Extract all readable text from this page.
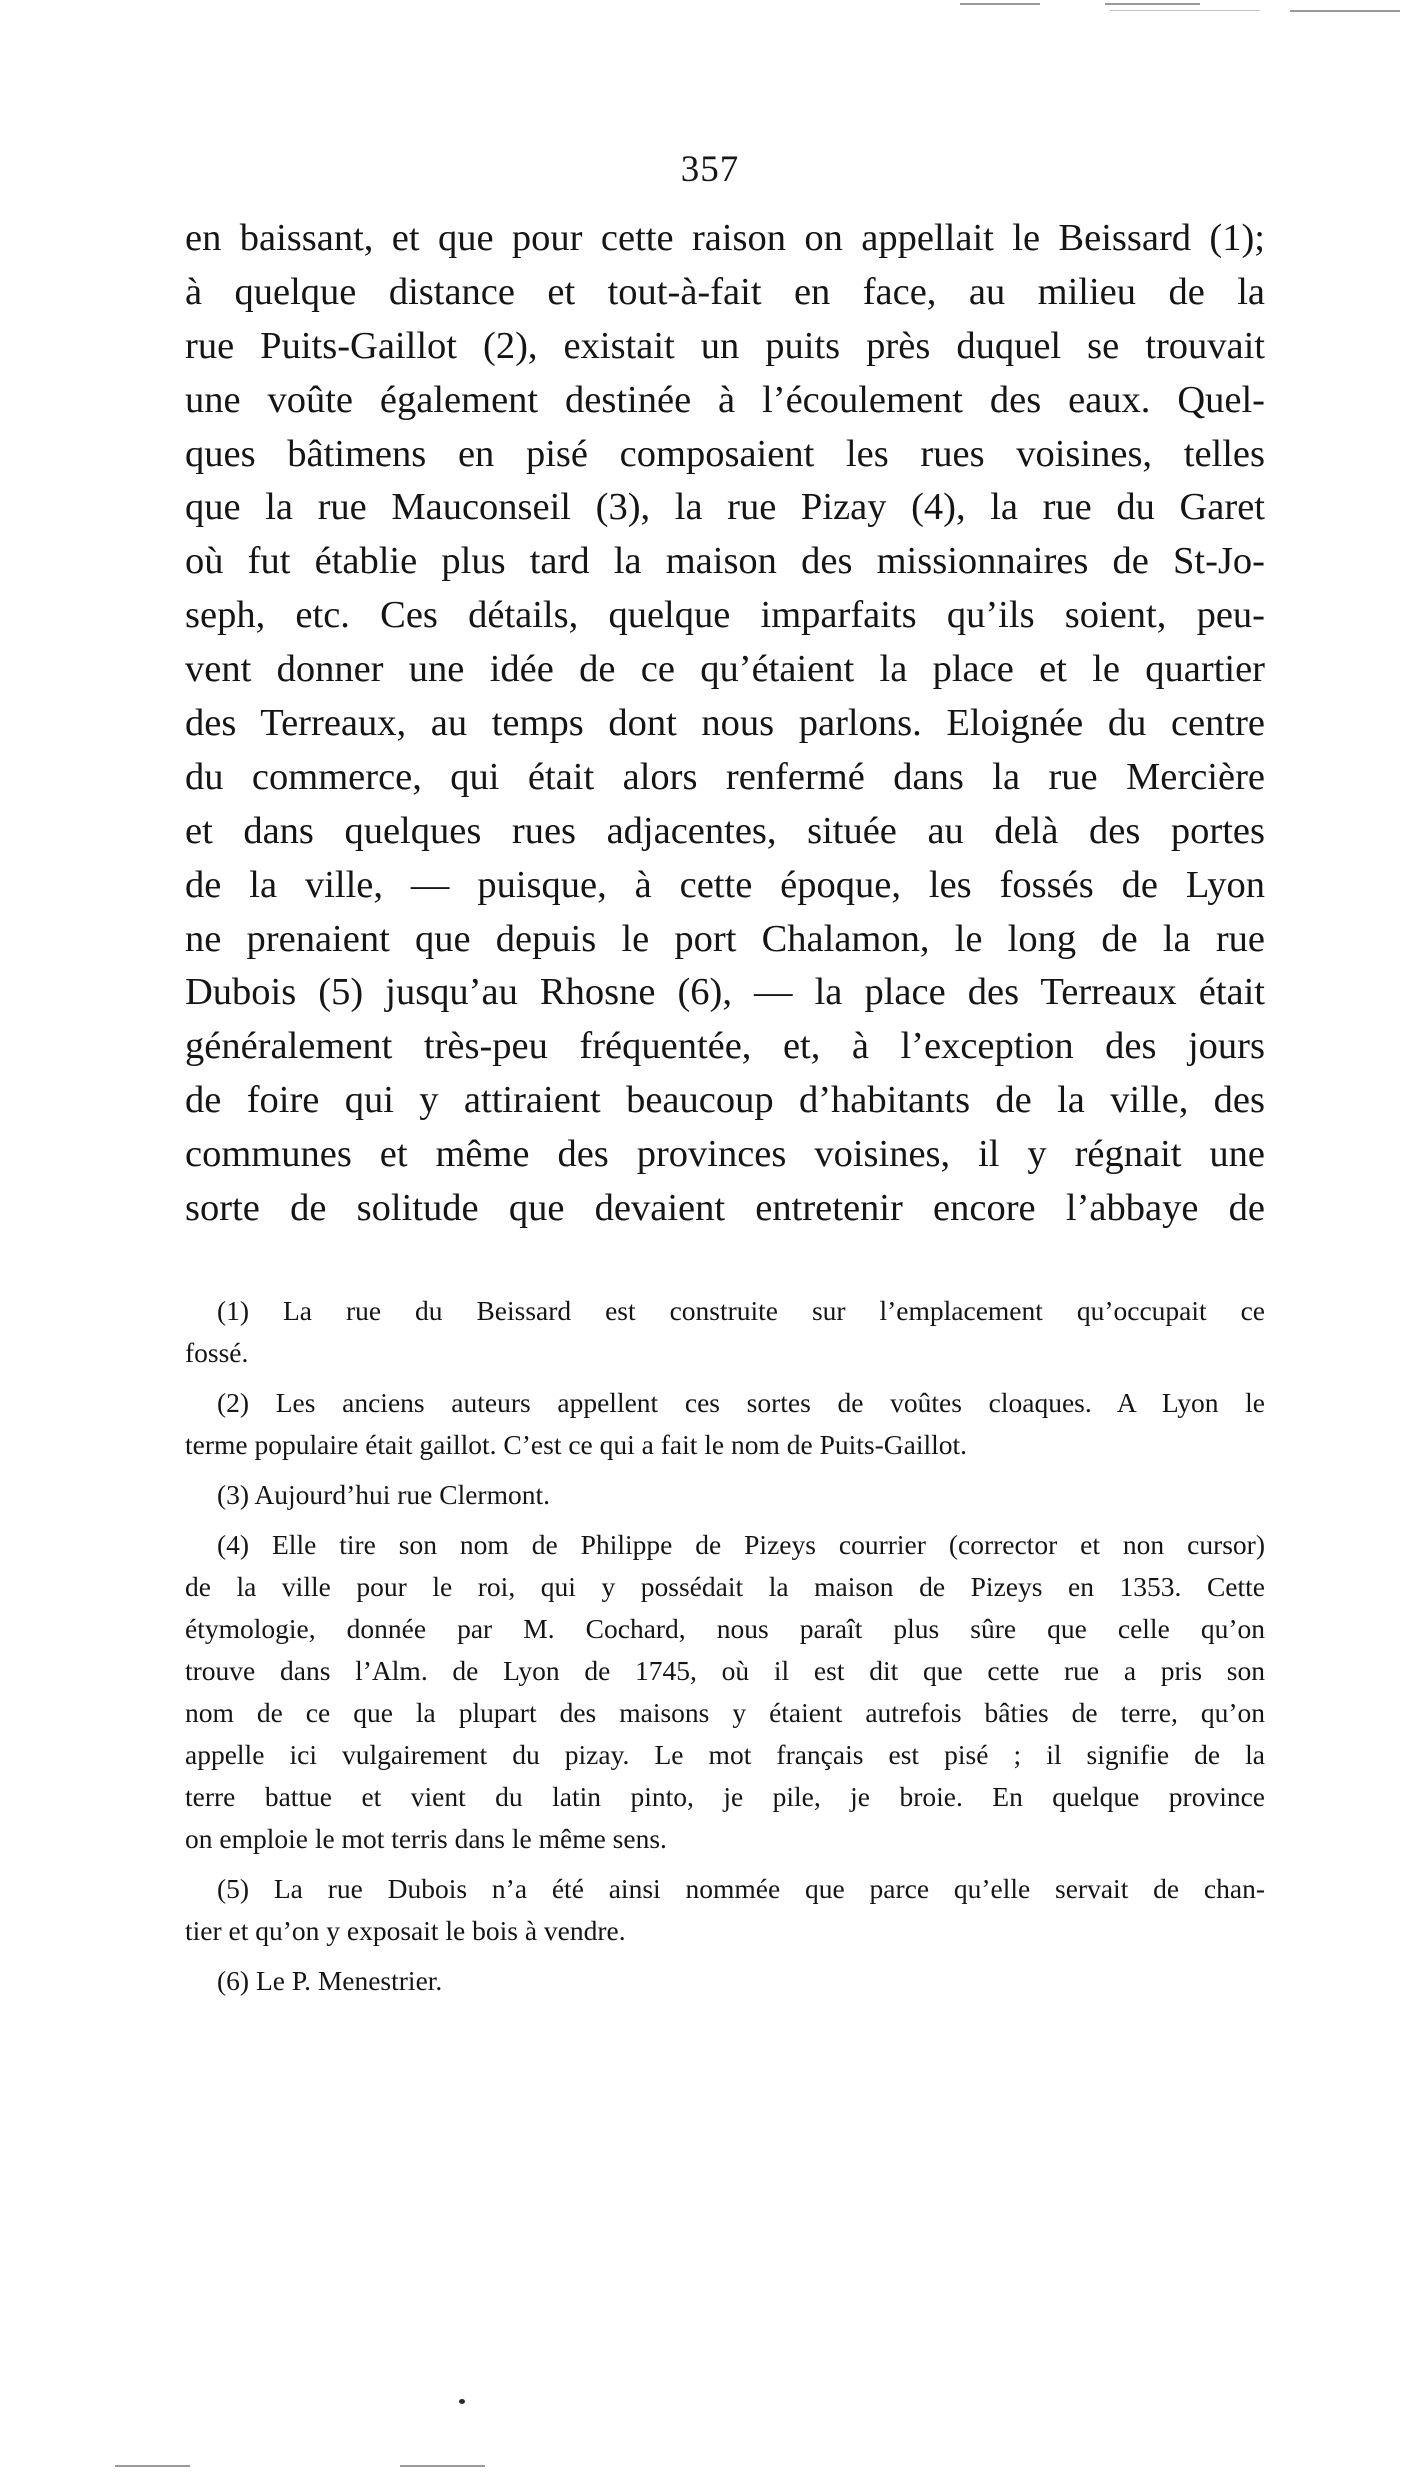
357
en baissant, et que pour cette raison on appellait le Beissard (1);
à quelque distance et tout-à-fait en face, au milieu de la
rue Puits-Gaillot (2), existait un puits près duquel se trouvait
une voûte également destinée à l’écoulement des eaux. Quel-
ques bâtimens en pisé composaient les rues voisines, telles
que la rue Mauconseil (3), la rue Pizay (4), la rue du Garet
où fut établie plus tard la maison des missionnaires de St-Jo-
seph, etc. Ces détails, quelque imparfaits qu’ils soient, peu-
vent donner une idée de ce qu’étaient la place et le quartier
des Terreaux, au temps dont nous parlons. Eloignée du centre
du commerce, qui était alors renfermé dans la rue Mercière
et dans quelques rues adjacentes, située au delà des portes
de la ville, — puisque, à cette époque, les fossés de Lyon
ne prenaient que depuis le port Chalamon, le long de la rue
Dubois (5) jusqu’au Rhosne (6), — la place des Terreaux était
généralement très-peu fréquentée, et, à l’exception des jours
de foire qui y attiraient beaucoup d’habitants de la ville, des
communes et même des provinces voisines, il y régnait une
sorte de solitude que devaient entretenir encore l’abbaye de
(1) La rue du Beissard est construite sur l’emplacement qu’occupait ce
fossé.
(2) Les anciens auteurs appellent ces sortes de voûtes cloaques. A Lyon le
terme populaire était gaillot. C’est ce qui a fait le nom de Puits-Gaillot.
(3) Aujourd’hui rue Clermont.
(4) Elle tire son nom de Philippe de Pizeys courrier (corrector et non cursor)
de la ville pour le roi, qui y possédait la maison de Pizeys en 1353. Cette
étymologie, donnée par M. Cochard, nous paraît plus sûre que celle qu’on
trouve dans l’Alm. de Lyon de 1745, où il est dit que cette rue a pris son
nom de ce que la plupart des maisons y étaient autrefois bâties de terre, qu’on
appelle ici vulgairement du pizay. Le mot français est pisé ; il signifie de la
terre battue et vient du latin pinto, je pile, je broie. En quelque province
on emploie le mot terris dans le même sens.
(5) La rue Dubois n’a été ainsi nommée que parce qu’elle servait de chan-
tier et qu’on y exposait le bois à vendre.
(6) Le P. Menestrier.
